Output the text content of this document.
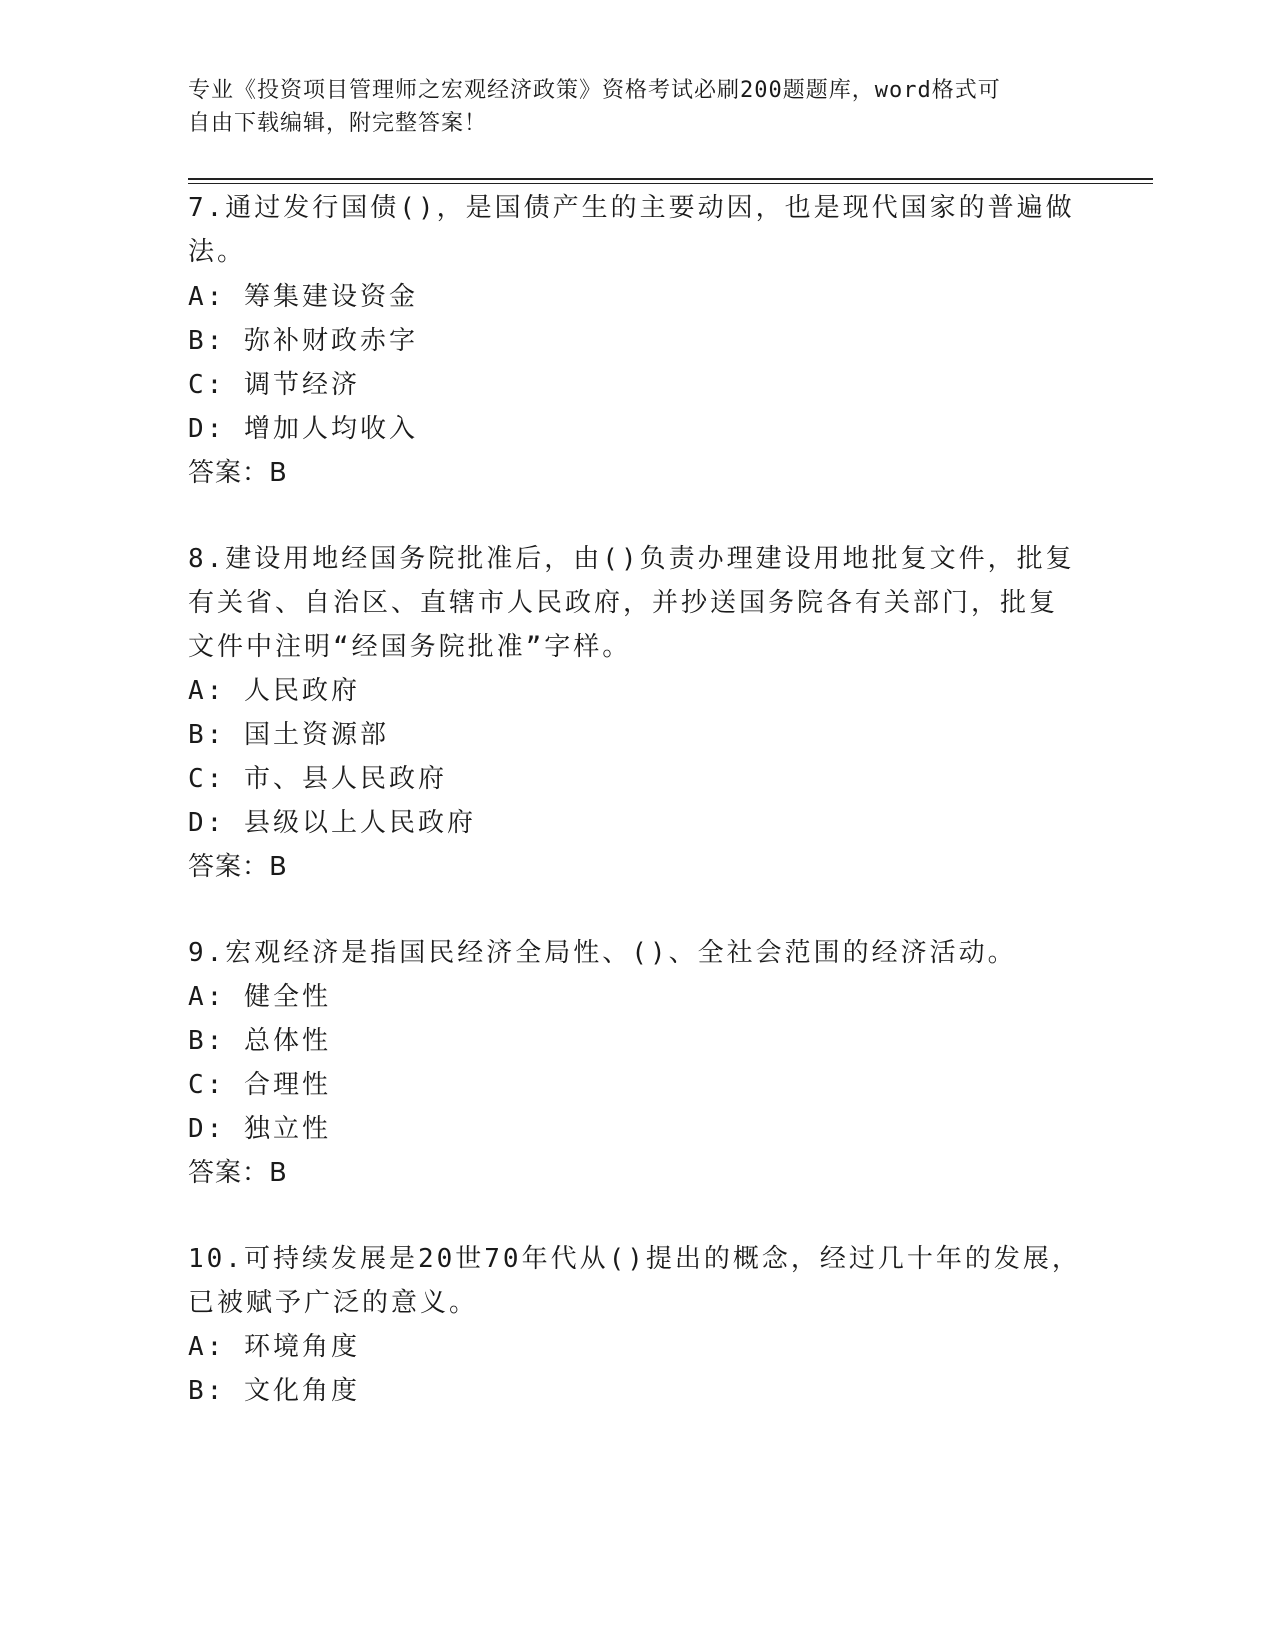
专业《投资项目管理师之宏观经济政策》资格考试必刷200题题库，word格式可
自由下载编辑，附完整答案！
7.通过发行国债()，是国债产生的主要动因，也是现代国家的普遍做
法。
A: 筹集建设资金
B: 弥补财政赤字
C: 调节经济
D: 增加人均收入
答案：B
8.建设用地经国务院批准后，由()负责办理建设用地批复文件，批复
有关省、自治区、直辖市人民政府，并抄送国务院各有关部门，批复
文件中注明“经国务院批准”字样。
A: 人民政府
B: 国土资源部
C: 市、县人民政府
D: 县级以上人民政府
答案：B
9.宏观经济是指国民经济全局性、()、全社会范围的经济活动。
A: 健全性
B: 总体性
C: 合理性
D: 独立性
答案：B
10.可持续发展是20世70年代从()提出的概念，经过几十年的发展，
已被赋予广泛的意义。
A: 环境角度
B: 文化角度
